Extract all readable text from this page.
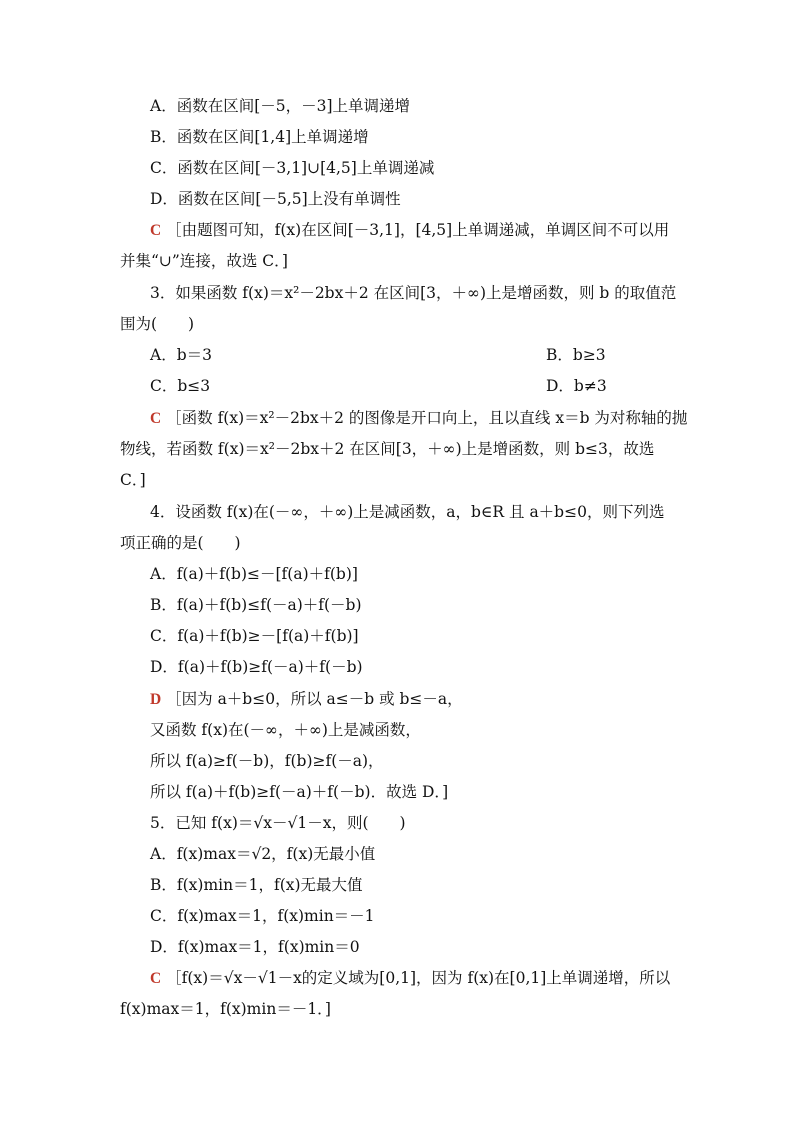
A．函数在区间[－5，－3]上单调递增
B．函数在区间[1,4]上单调递增
C．函数在区间[－3,1]∪[4,5]上单调递减
D．函数在区间[－5,5]上没有单调性
C ［由题图可知，f(x)在区间[－3,1]，[4,5]上单调递减，单调区间不可以用
并集“∪”连接，故选 C．]
3．如果函数 f(x)＝x²－2bx＋2 在区间[3，＋∞)上是增函数，则 b 的取值范
围为(　　)
A．b＝3	B．b≥3
C．b≤3	D．b≠3
C ［函数 f(x)＝x²－2bx＋2 的图像是开口向上，且以直线 x＝b 为对称轴的抛
物线，若函数 f(x)＝x²－2bx＋2 在区间[3，＋∞)上是增函数，则 b≤3，故选
C．]
4．设函数 f(x)在(－∞，＋∞)上是减函数，a，b∈R 且 a＋b≤0，则下列选
项正确的是(　　)
A．f(a)＋f(b)≤－[f(a)＋f(b)]
B．f(a)＋f(b)≤f(－a)＋f(－b)
C．f(a)＋f(b)≥－[f(a)＋f(b)]
D．f(a)＋f(b)≥f(－a)＋f(－b)
D ［因为 a＋b≤0，所以 a≤－b 或 b≤－a，
又函数 f(x)在(－∞，＋∞)上是减函数，
所以 f(a)≥f(－b)，f(b)≥f(－a)，
所以 f(a)＋f(b)≥f(－a)＋f(－b)．故选 D．]
5．已知 f(x)＝√x－√1－x，则(　　)
A．f(x)max＝√2，f(x)无最小值
B．f(x)min＝1，f(x)无最大值
C．f(x)max＝1，f(x)min＝－1
D．f(x)max＝1，f(x)min＝0
C ［f(x)＝√x－√1－x的定义域为[0,1]，因为 f(x)在[0,1]上单调递增，所以
f(x)max＝1，f(x)min＝－1．]
